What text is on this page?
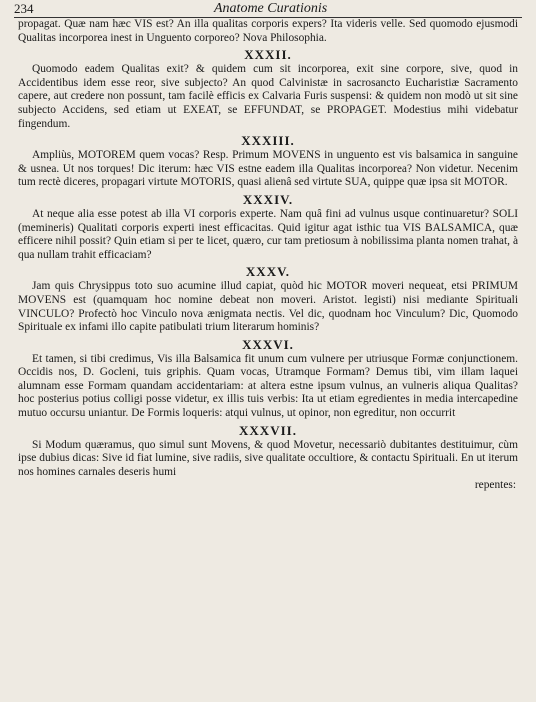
234	Anatome Curationis

propagat. Quæ nam hæc VIS est? An illa qualitas corporis expers? Ita videris velle. Sed quomodo ejusmodi Qualitas incorporea inest in Unguento corporeo? Nova Philosophia.

XXXII.

Quomodo eadem Qualitas exit? & quidem cum sit incorporea, exit sine corpore, sive, quod in Accidentibus idem esse reor, sive subjecto? An quod Calvinistæ in sacrosancto Eucharistiæ Sacramento capere, aut credere non possunt, tam facilè efficis ex Calvaria Furis suspensi: & quidem non modò ut sit sine subjecto Accidens, sed etiam ut EXEAT, se EFFUNDAT, se PROPAGET. Modestius mihi videbatur fingendum.

XXXIII.

Ampliùs, MOTOREM quem vocas? Resp. Primum MOVENS in unguento est vis balsamica in sanguine & usnea. Ut nos torques! Dic iterum: hæc VIS estne eadem illa Qualitas incorporea? Non videtur. Necenim tum rectè diceres, propagari virtute MOTORIS, quasi alienâ sed virtute SUA, quippe quæ ipsa sit MOTOR.

XXXIV.

At neque alia esse potest ab illa VI corporis experte. Nam quâ fini ad vulnus usque continuaretur? SOLI (memineris) Qualitati corporis experti inest efficacitas. Quid igitur agat isthic tua VIS BALSAMICA, quæ efficere nihil possit? Quin etiam si per te licet, quæro, cur tam pretiosum à nobilissima planta nomen trahat, à qua nullam trahit efficaciam?

XXXV.

Jam quis Chrysippus toto suo acumine illud capiat, quòd hic MOTOR moveri nequeat, etsi PRIMUM MOVENS est (quamquam hoc nomine debeat non moveri. Aristot. legisti) nisi mediante Spirituali VINCULO? Profectò hoc Vinculo nova ænigmata nectis. Vel dic, quodnam hoc Vinculum? Dic, Quomodo Spirituale ex infami illo capite patibulati trium literarum hominis?

XXXVI.

Et tamen, si tibi credimus, Vis illa Balsamica fit unum cum vulnere per utriusque Formæ conjunctionem. Occidis nos, D. Gocleni, tuis griphis. Quam vocas, Utramque Formam? Demus tibi, vim illam laquei alumnam esse Formam quandam accidentariam: at altera estne ipsum vulnus, an vulneris aliqua Qualitas? hoc posterius potius colligi posse videtur, ex illis tuis verbis: Ita ut etiam egredientes in media intercapedine mutuo occursu uniantur. De Formis loqueris: atqui vulnus, ut opinor, non egreditur, non occurrit

XXXVII.

Si Modum quæramus, quo simul sunt Movens, & quod Movetur, necessariò dubitantes destituimur, cùm ipse dubius dicas: Sive id fiat lumine, sive radiis, sive qualitate occultiore, & contactu Spirituali. En ut iterum nos homines carnales deseris humi

repentes:
